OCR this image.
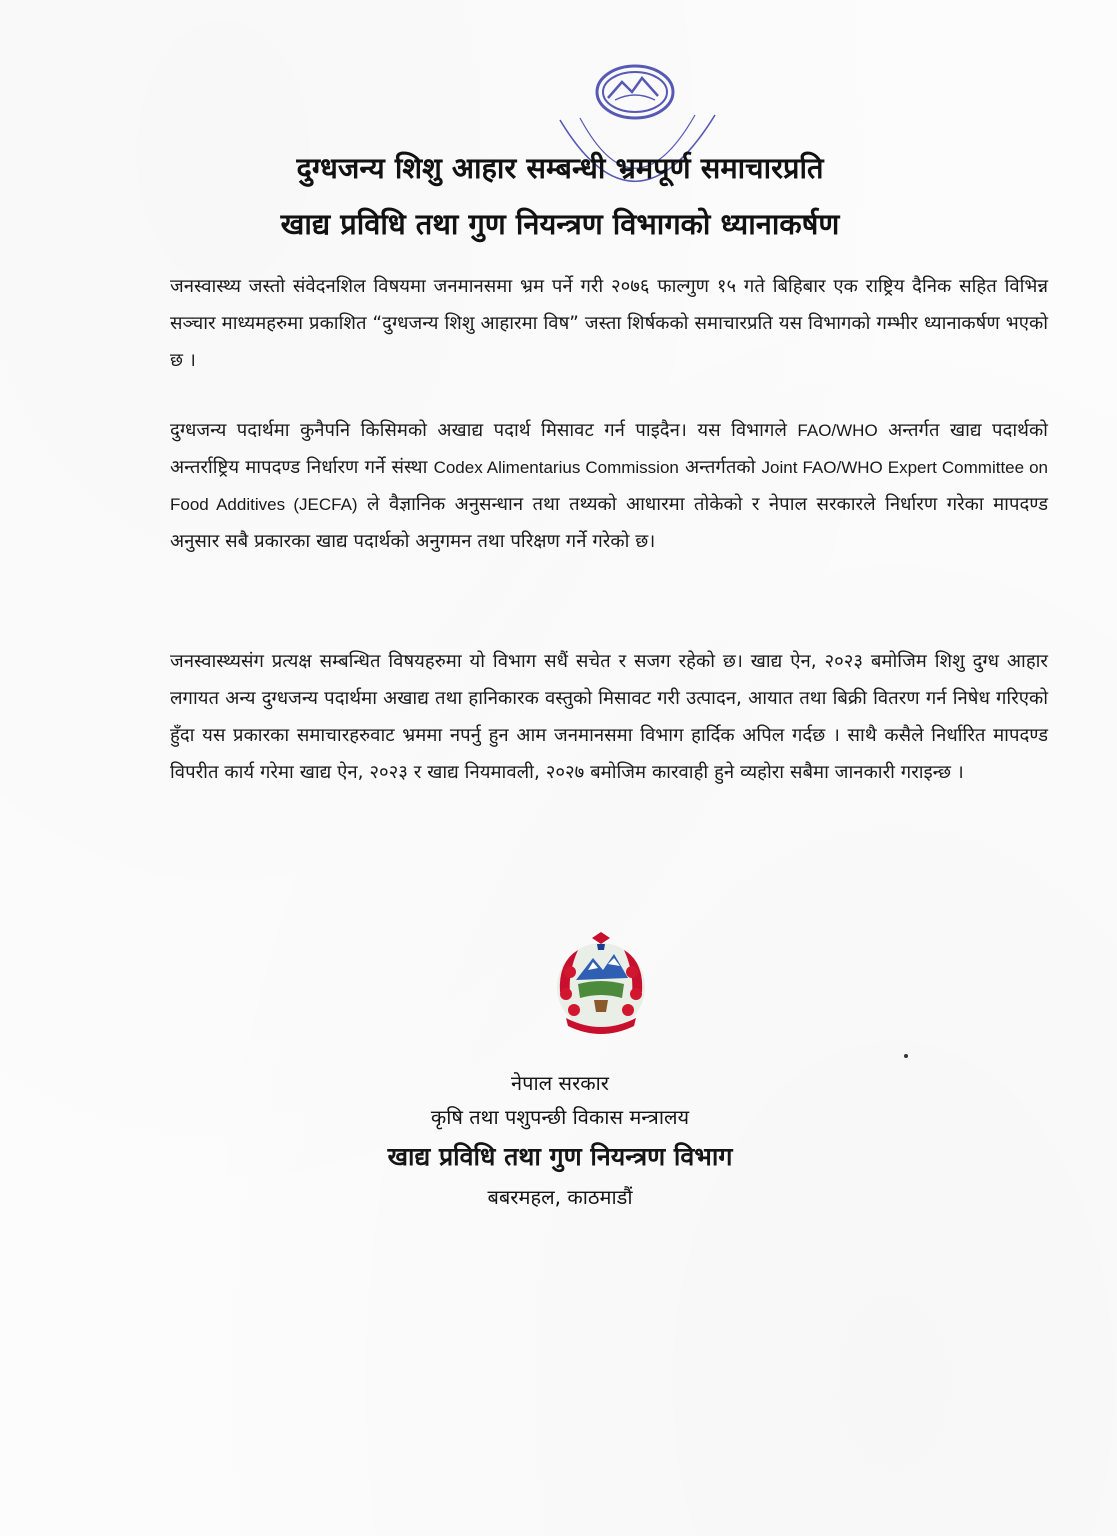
दुग्धजन्य शिशु आहार सम्बन्धी भ्रमपूर्ण समाचारप्रति
खाद्य प्रविधि तथा गुण नियन्त्रण विभागको ध्यानाकर्षण
जनस्वास्थ्य जस्तो संवेदनशिल विषयमा जनमानसमा भ्रम पर्ने गरी २०७६ फाल्गुण १५ गते बिहिबार एक राष्ट्रिय दैनिक सहित विभिन्न सञ्चार माध्यमहरुमा प्रकाशित “दुग्धजन्य शिशु आहारमा विष” जस्ता शिर्षकको समाचारप्रति यस विभागको गम्भीर ध्यानाकर्षण भएको छ ।
दुग्धजन्य पदार्थमा कुनैपनि किसिमको अखाद्य पदार्थ मिसावट गर्न पाइदैन। यस विभागले FAO/WHO अन्तर्गत खाद्य पदार्थको अन्तर्राष्ट्रिय मापदण्ड निर्धारण गर्ने संस्था Codex Alimentarius Commission अन्तर्गतको Joint FAO/WHO Expert Committee on Food Additives (JECFA) ले वैज्ञानिक अनुसन्धान तथा तथ्यको आधारमा तोकेको र नेपाल सरकारले निर्धारण गरेका मापदण्ड अनुसार सबै प्रकारका खाद्य पदार्थको अनुगमन तथा परिक्षण गर्ने गरेको छ।
जनस्वास्थ्यसंग प्रत्यक्ष सम्बन्धित विषयहरुमा यो विभाग सधैं सचेत र सजग रहेको छ। खाद्य ऐन, २०२३ बमोजिम शिशु दुग्ध आहार लगायत अन्य दुग्धजन्य पदार्थमा अखाद्य तथा हानिकारक वस्तुको मिसावट गरी उत्पादन, आयात तथा बिक्री वितरण गर्न निषेध गरिएको हुँदा यस प्रकारका समाचारहरुवाट भ्रममा नपर्नु हुन आम जनमानसमा विभाग हार्दिक अपिल गर्दछ । साथै कसैले निर्धारित मापदण्ड विपरीत कार्य गरेमा खाद्य ऐन, २०२३ र खाद्य नियमावली, २०२७ बमोजिम कारवाही हुने व्यहोरा सबैमा जानकारी गराइन्छ ।
नेपाल सरकार
कृषि तथा पशुपन्छी विकास मन्त्रालय
खाद्य प्रविधि तथा गुण नियन्त्रण विभाग
बबरमहल, काठमाडौं
